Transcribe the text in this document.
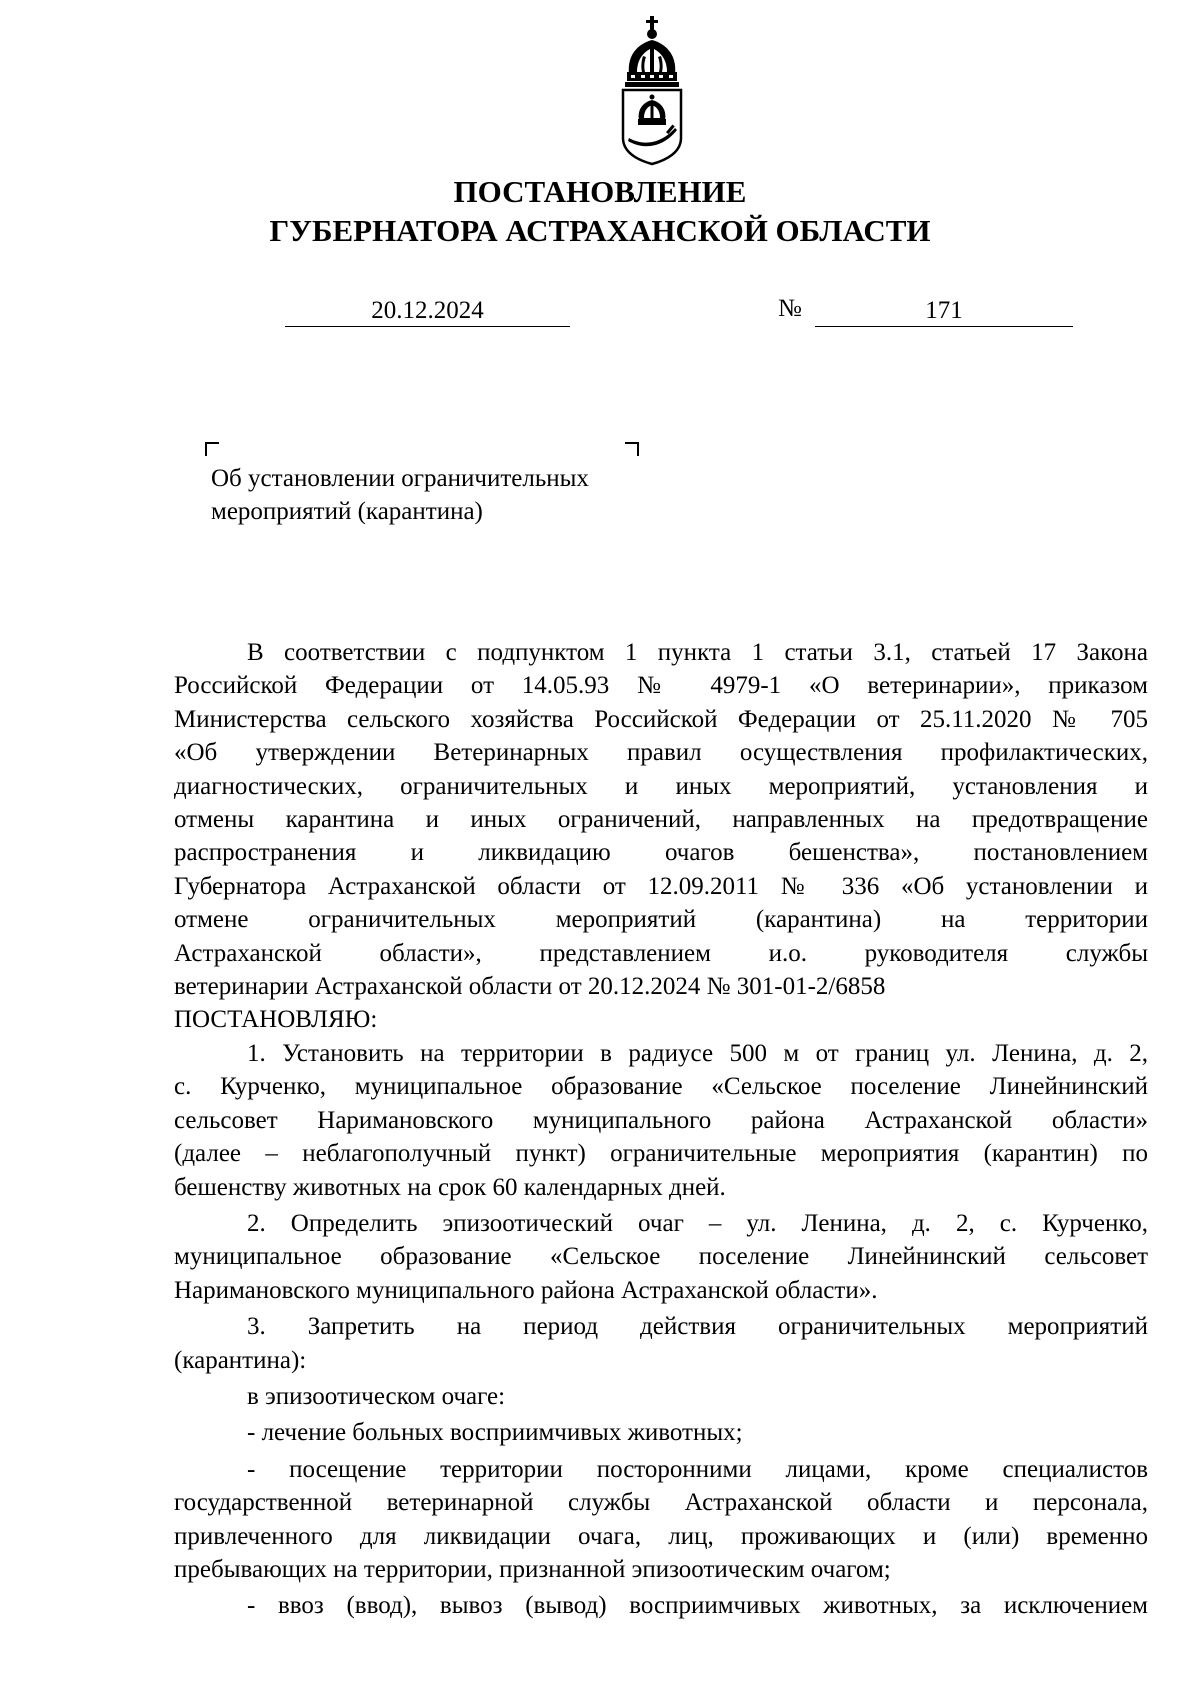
ПОСТАНОВЛЕНИЕ
ГУБЕРНАТОРА АСТРАХАНСКОЙ ОБЛАСТИ
20.12.2024	№	171
Об установлении ограничительных
мероприятий (карантина)

В соответствии с подпунктом 1 пункта 1 статьи 3.1, статьей 17 Закона

Российской Федерации от 14.05.93 № 4979-1 «О ветеринарии», приказом

Министерства сельского хозяйства Российской Федерации от 25.11.2020 № 705

«Об утверждении Ветеринарных правил осуществления профилактических,

диагностических, ограничительных и иных мероприятий, установления и

отмены карантина и иных ограничений, направленных на предотвращение

распространения и ликвидацию очагов бешенства», постановлением

Губернатора Астраханской области от 12.09.2011 № 336 «Об установлении и

отмене ограничительных мероприятий (карантина) на территории

Астраханской области», представлением и.о. руководителя службы

ветеринарии Астраханской области от 20.12.2024 № 301-01-2/6858

ПОСТАНОВЛЯЮ:

1. Установить на территории в радиусе 500 м от границ ул. Ленина, д. 2,

с. Курченко, муниципальное образование «Сельское поселение Линейнинский

сельсовет Наримановского муниципального района Астраханской области»

(далее – неблагополучный пункт) ограничительные мероприятия (карантин) по

бешенству животных на срок 60 календарных дней.

2. Определить эпизоотический очаг – ул. Ленина, д. 2, с. Курченко,

муниципальное образование «Сельское поселение Линейнинский сельсовет

Наримановского муниципального района Астраханской области».

3. Запретить на период действия ограничительных мероприятий

(карантина):

в эпизоотическом очаге:

- лечение больных восприимчивых животных;

- посещение территории посторонними лицами, кроме специалистов

государственной ветеринарной службы Астраханской области и персонала,

привлеченного для ликвидации очага, лиц, проживающих и (или) временно

пребывающих на территории, признанной эпизоотическим очагом;

- ввоз (ввод), вывоз (вывод) восприимчивых животных, за исключением
